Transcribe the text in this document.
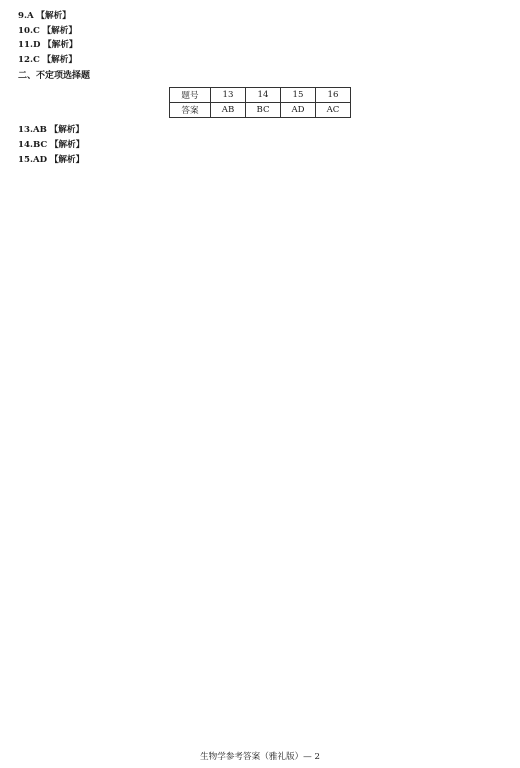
9.A 【解析】

10.C 【解析】

11.D 【解析】

12.C 【解析】

二、不定项选择题

题号	13	14	15	16
答案	AB	BC	AD	AC

13.AB 【解析】

14.BC 【解析】

15.AD 【解析】

生物学参考答案（雅礼版）— 2
